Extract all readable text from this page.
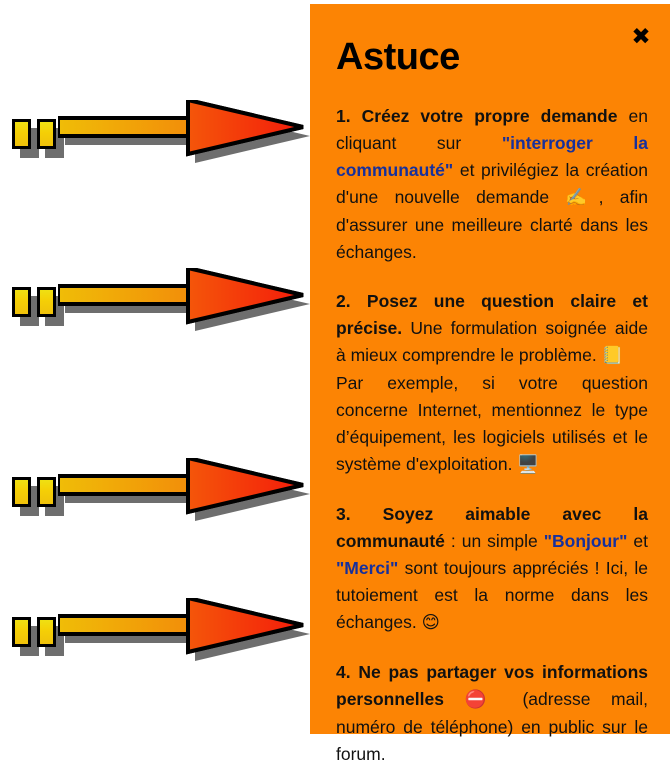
✖
Astuce
1. Créez votre propre demande en cliquant sur "interroger la communauté" et privilégiez la création d'une nouvelle demande ✍️, afin d'assurer une meilleure clarté dans les échanges.
2. Posez une question claire et précise. Une formulation soignée aide à mieux comprendre le problème. 📒
Par exemple, si votre question concerne Internet, mentionnez le type d’équipement, les logiciels utilisés et le système d'exploitation. 🖥️
3. Soyez aimable avec la communauté : un simple "Bonjour" et "Merci" sont toujours appréciés ! Ici, le tutoiement est la norme dans les échanges. 😊
4. Ne pas partager vos informations personnelles ⛔ (adresse mail, numéro de téléphone) en public sur le forum.
